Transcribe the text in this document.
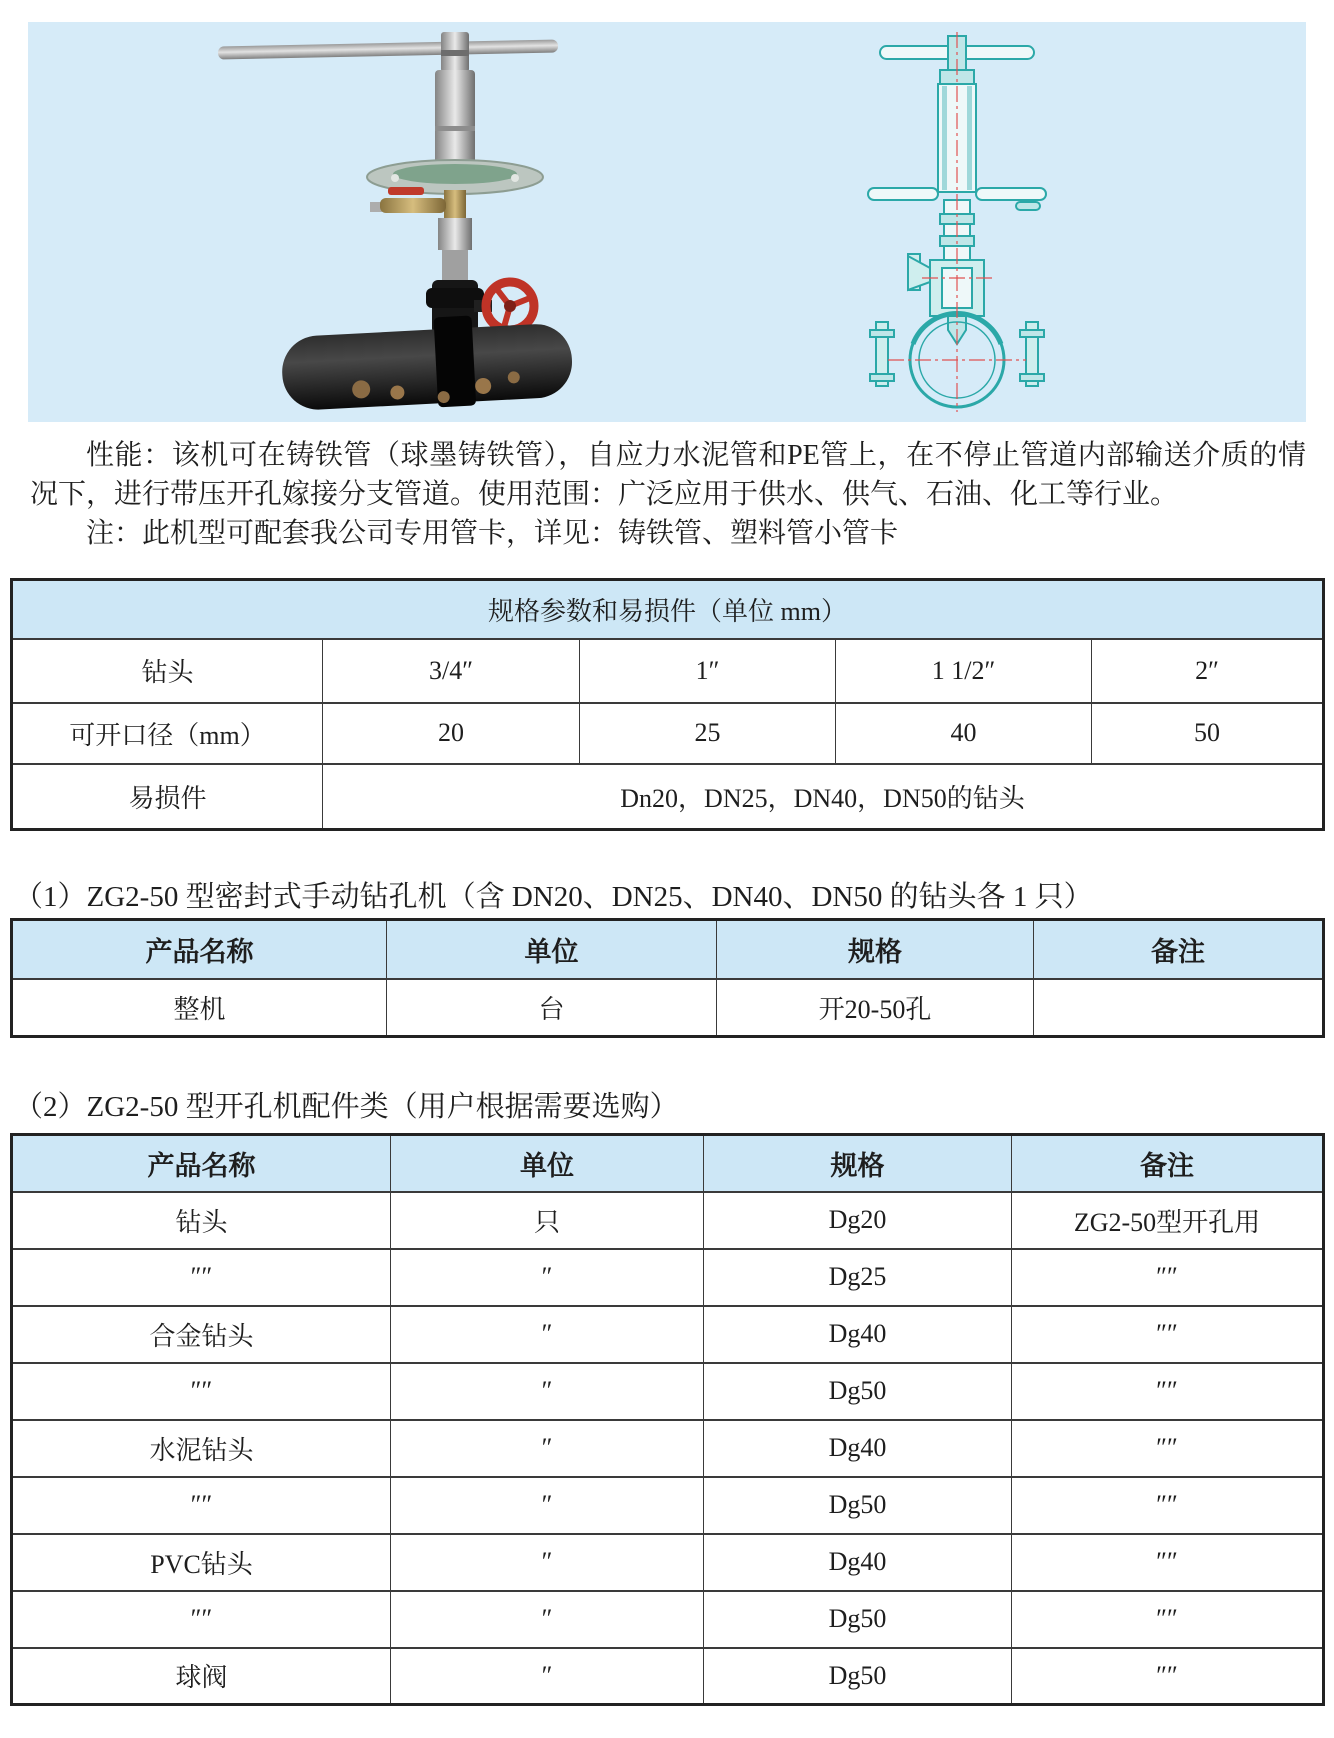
性能：该机可在铸铁管（球墨铸铁管），自应力水泥管和PE管上，在不停止管道内部输送介质的情况下，进行带压开孔嫁接分支管道。使用范围：广泛应用于供水、供气、石油、化工等行业。

注：此机型可配套我公司专用管卡，详见：铸铁管、塑料管小管卡

规格参数和易损件（单位 mm）				
钻头	3/4″	1″	1 1/2″	2″
可开口径（mm）	20	25	40	50
易损件	Dn20，DN25，DN40，DN50的钻头			
（1）ZG2-50 型密封式手动钻孔机（含 DN20、DN25、DN40、DN50 的钻头各 1 只）
产品名称	单位	规格	备注
整机	台	开20-50孔	
（2）ZG2-50 型开孔机配件类（用户根据需要选购）
产品名称	单位	规格	备注
钻头	只	Dg20	ZG2-50型开孔用
″″	″	Dg25	″″
合金钻头	″	Dg40	″″
″″	″	Dg50	″″
水泥钻头	″	Dg40	″″
″″	″	Dg50	″″
PVC钻头	″	Dg40	″″
″″	″	Dg50	″″
球阀	″	Dg50	″″
